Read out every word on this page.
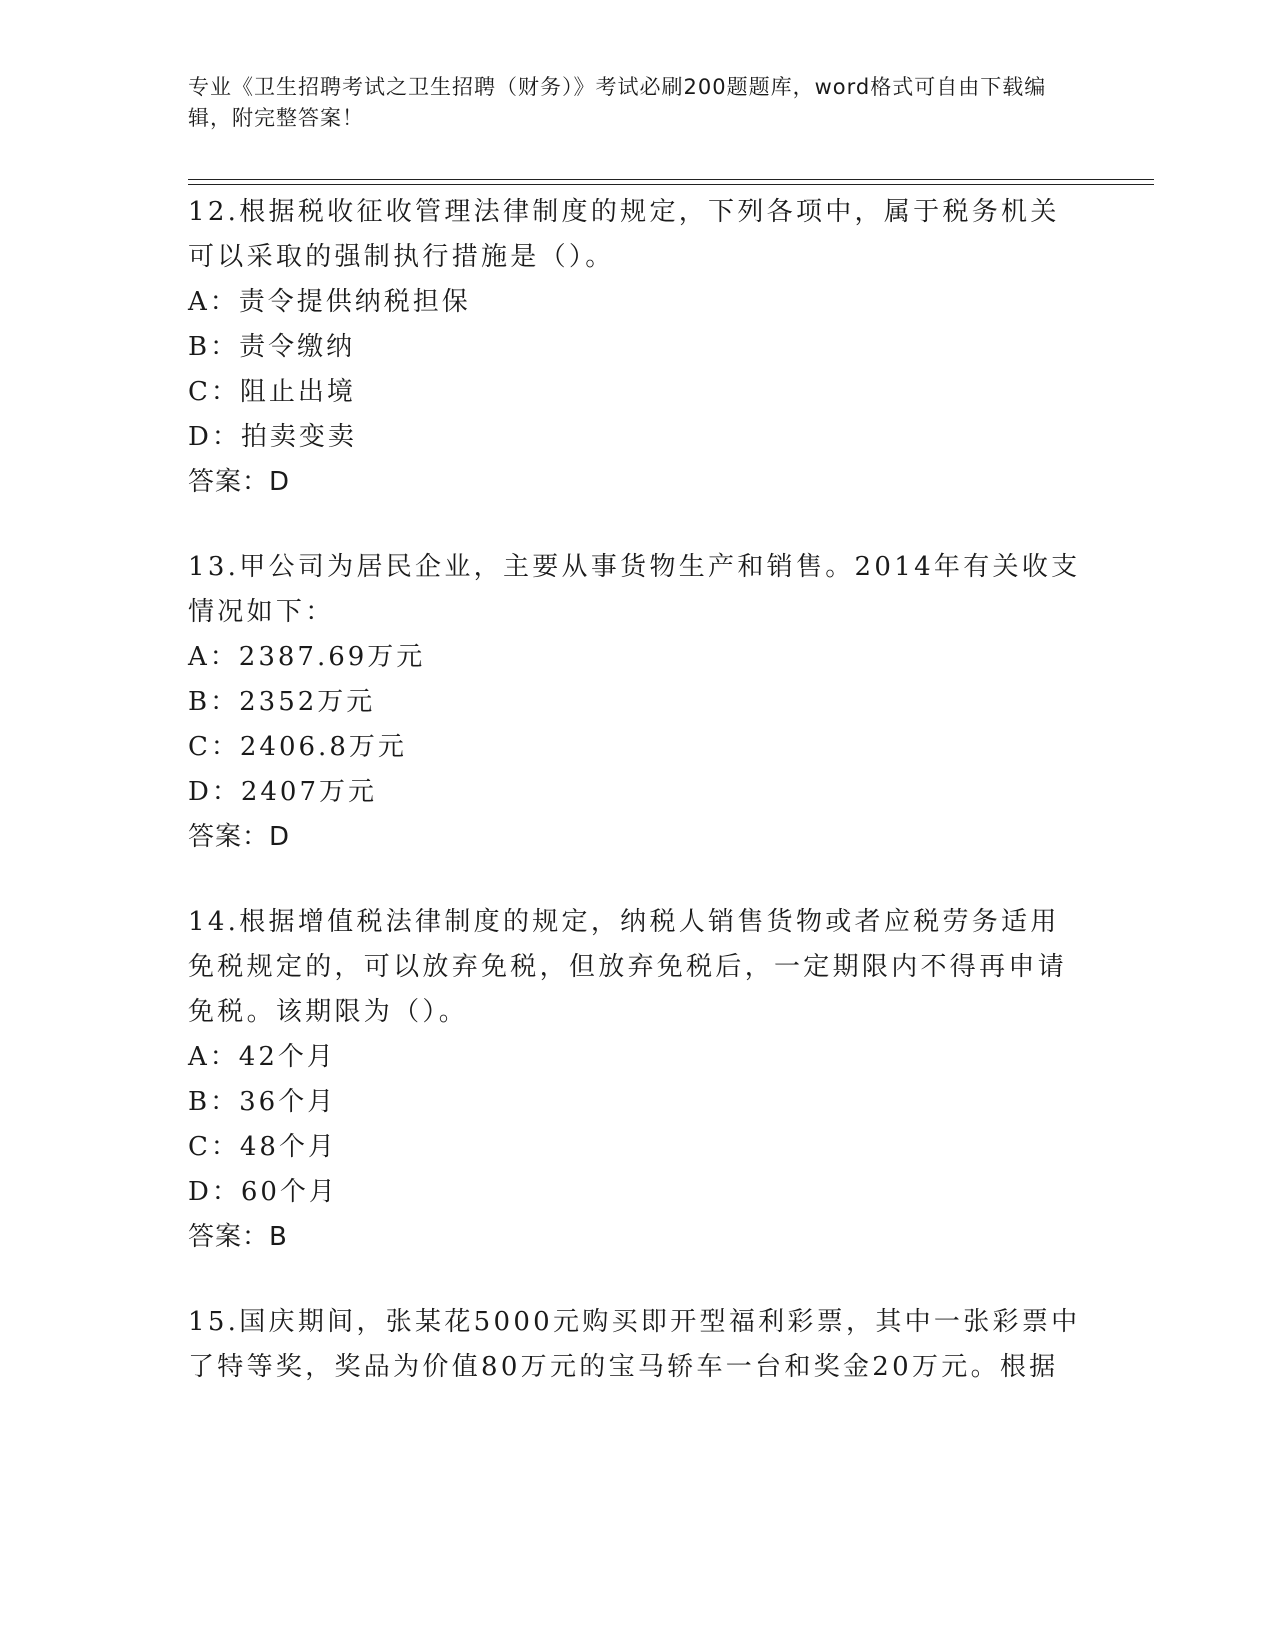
专业《卫生招聘考试之卫生招聘（财务）》考试必刷200题题库，word格式可自由下载编辑，附完整答案！

12.根据税收征收管理法律制度的规定，下列各项中，属于税务机关可以采取的强制执行措施是（）。

A：责令提供纳税担保

B：责令缴纳

C：阻止出境

D：拍卖变卖

答案：D

13.甲公司为居民企业，主要从事货物生产和销售。2014年有关收支情况如下：

A：2387.69万元

B：2352万元

C：2406.8万元

D：2407万元

答案：D

14.根据增值税法律制度的规定，纳税人销售货物或者应税劳务适用免税规定的，可以放弃免税，但放弃免税后，一定期限内不得再申请免税。该期限为（）。

A：42个月

B：36个月

C：48个月

D：60个月

答案：B

15.国庆期间，张某花5000元购买即开型福利彩票，其中一张彩票中了特等奖，奖品为价值80万元的宝马轿车一台和奖金20万元。根据
